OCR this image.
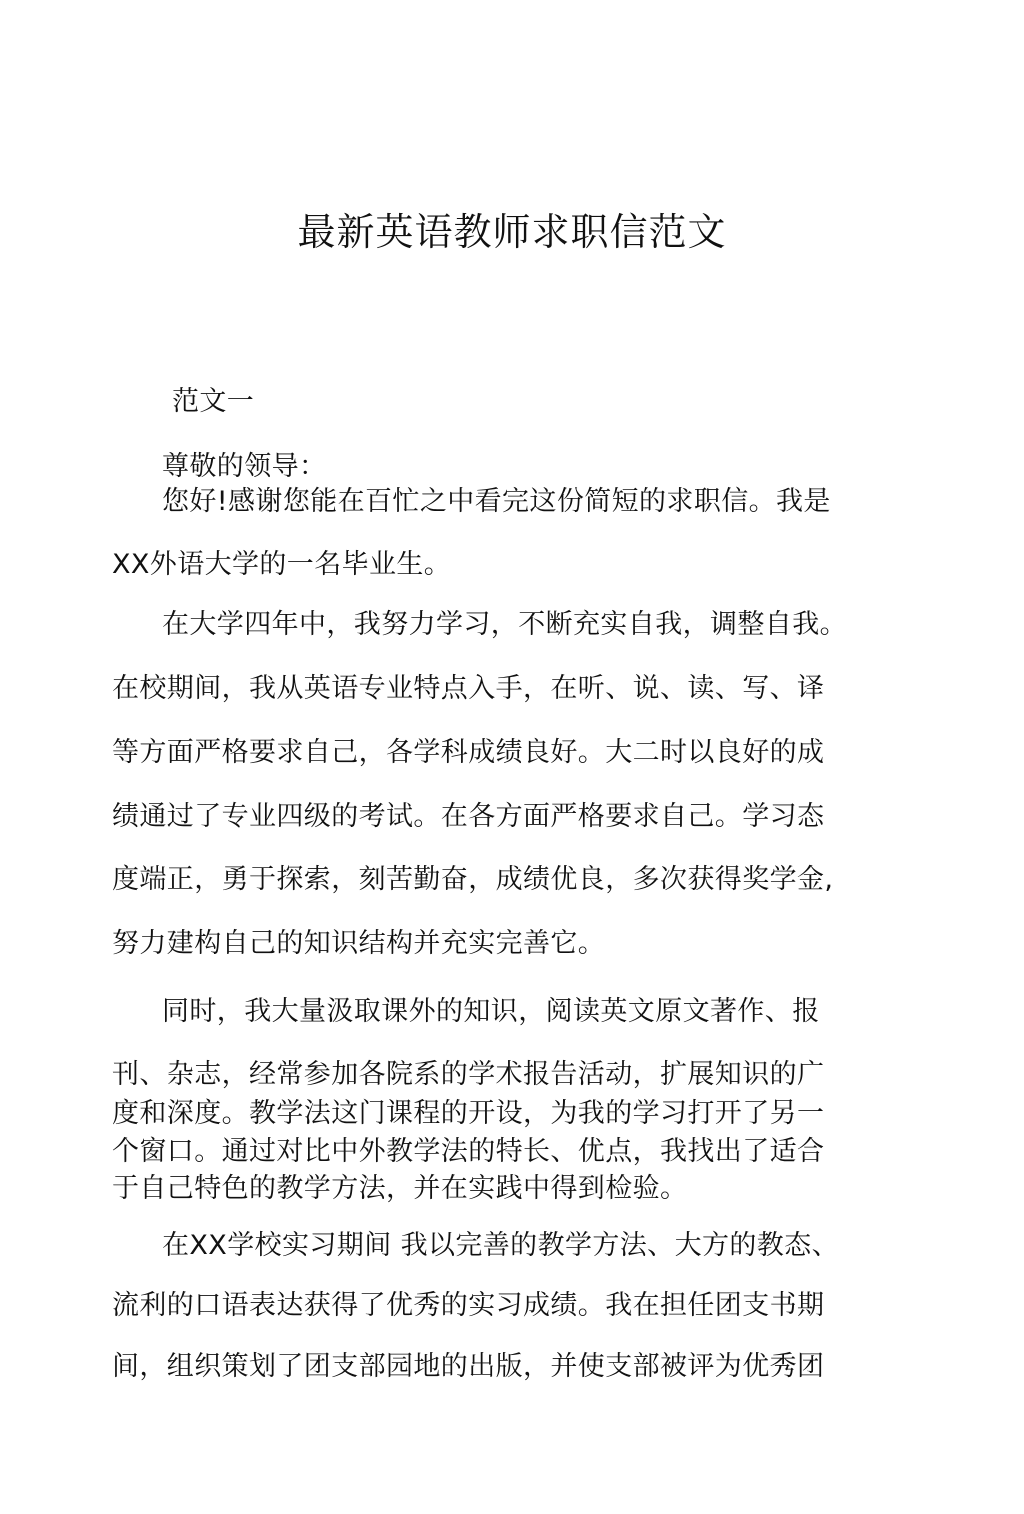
最新英语教师求职信范文
范文一
尊敬的领导：
您好!感谢您能在百忙之中看完这份简短的求职信。我是
XX外语大学的一名毕业生。
在大学四年中，我努力学习，不断充实自我，调整自我。
在校期间，我从英语专业特点入手，在听、说、读、写、译
等方面严格要求自己，各学科成绩良好。大二时以良好的成
绩通过了专业四级的考试。在各方面严格要求自己。学习态
度端正，勇于探索，刻苦勤奋，成绩优良，多次获得奖学金,
努力建构自己的知识结构并充实完善它。
同时，我大量汲取课外的知识，阅读英文原文著作、报
刊、杂志，经常参加各院系的学术报告活动，扩展知识的广
度和深度。教学法这门课程的开设，为我的学习打开了另一
个窗口。通过对比中外教学法的特长、优点，我找出了适合
于自己特色的教学方法，并在实践中得到检验。
在XX学校实习期间 我以完善的教学方法、大方的教态、
流利的口语表达获得了优秀的实习成绩。我在担任团支书期
间，组织策划了团支部园地的出版，并使支部被评为优秀团
